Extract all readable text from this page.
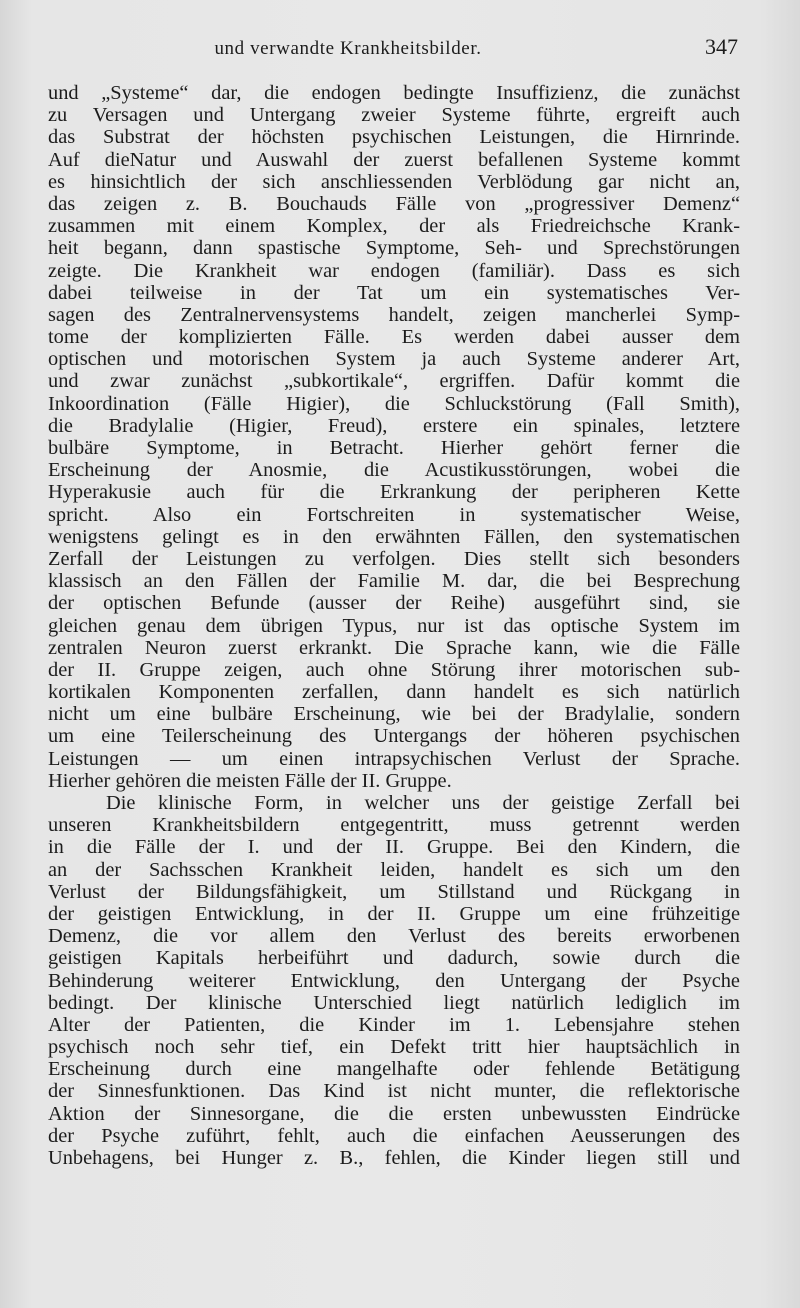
und verwandte Krankheitsbilder.	347
und „Systeme“ dar, die endogen bedingte Insuffizienz, die zunächst
zu Versagen und Untergang zweier Systeme führte, ergreift auch
das Substrat der höchsten psychischen Leistungen, die Hirnrinde.
Auf dieNatur und Auswahl der zuerst befallenen Systeme kommt
es hinsichtlich der sich anschliessenden Verblödung gar nicht an,
das zeigen z. B. Bouchauds Fälle von „progressiver Demenz“
zusammen mit einem Komplex, der als Friedreichsche Krank-
heit begann, dann spastische Symptome, Seh- und Sprechstörungen
zeigte. Die Krankheit war endogen (familiär). Dass es sich
dabei teilweise in der Tat um ein systematisches Ver-
sagen des Zentralnervensystems handelt, zeigen mancherlei Symp-
tome der komplizierten Fälle. Es werden dabei ausser dem
optischen und motorischen System ja auch Systeme anderer Art,
und zwar zunächst „subkortikale“, ergriffen. Dafür kommt die
Inkoordination (Fälle Higier), die Schluckstörung (Fall Smith),
die Bradylalie (Higier, Freud), erstere ein spinales, letztere
bulbäre Symptome, in Betracht. Hierher gehört ferner die
Erscheinung der Anosmie, die Acustikusstörungen, wobei die
Hyperakusie auch für die Erkrankung der peripheren Kette
spricht. Also ein Fortschreiten in systematischer Weise,
wenigstens gelingt es in den erwähnten Fällen, den systematischen
Zerfall der Leistungen zu verfolgen. Dies stellt sich besonders
klassisch an den Fällen der Familie M. dar, die bei Besprechung
der optischen Befunde (ausser der Reihe) ausgeführt sind, sie
gleichen genau dem übrigen Typus, nur ist das optische System im
zentralen Neuron zuerst erkrankt. Die Sprache kann, wie die Fälle
der II. Gruppe zeigen, auch ohne Störung ihrer motorischen sub-
kortikalen Komponenten zerfallen, dann handelt es sich natürlich
nicht um eine bulbäre Erscheinung, wie bei der Bradylalie, sondern
um eine Teilerscheinung des Untergangs der höheren psychischen
Leistungen — um einen intrapsychischen Verlust der Sprache.
Hierher gehören die meisten Fälle der II. Gruppe.
Die klinische Form, in welcher uns der geistige Zerfall bei
unseren Krankheitsbildern entgegentritt, muss getrennt werden
in die Fälle der I. und der II. Gruppe. Bei den Kindern, die
an der Sachsschen Krankheit leiden, handelt es sich um den
Verlust der Bildungsfähigkeit, um Stillstand und Rückgang in
der geistigen Entwicklung, in der II. Gruppe um eine frühzeitige
Demenz, die vor allem den Verlust des bereits erworbenen
geistigen Kapitals herbeiführt und dadurch, sowie durch die
Behinderung weiterer Entwicklung, den Untergang der Psyche
bedingt. Der klinische Unterschied liegt natürlich lediglich im
Alter der Patienten, die Kinder im 1. Lebensjahre stehen
psychisch noch sehr tief, ein Defekt tritt hier hauptsächlich in
Erscheinung durch eine mangelhafte oder fehlende Betätigung
der Sinnesfunktionen. Das Kind ist nicht munter, die reflektorische
Aktion der Sinnesorgane, die die ersten unbewussten Eindrücke
der Psyche zuführt, fehlt, auch die einfachen Aeusserungen des
Unbehagens, bei Hunger z. B., fehlen, die Kinder liegen still und
